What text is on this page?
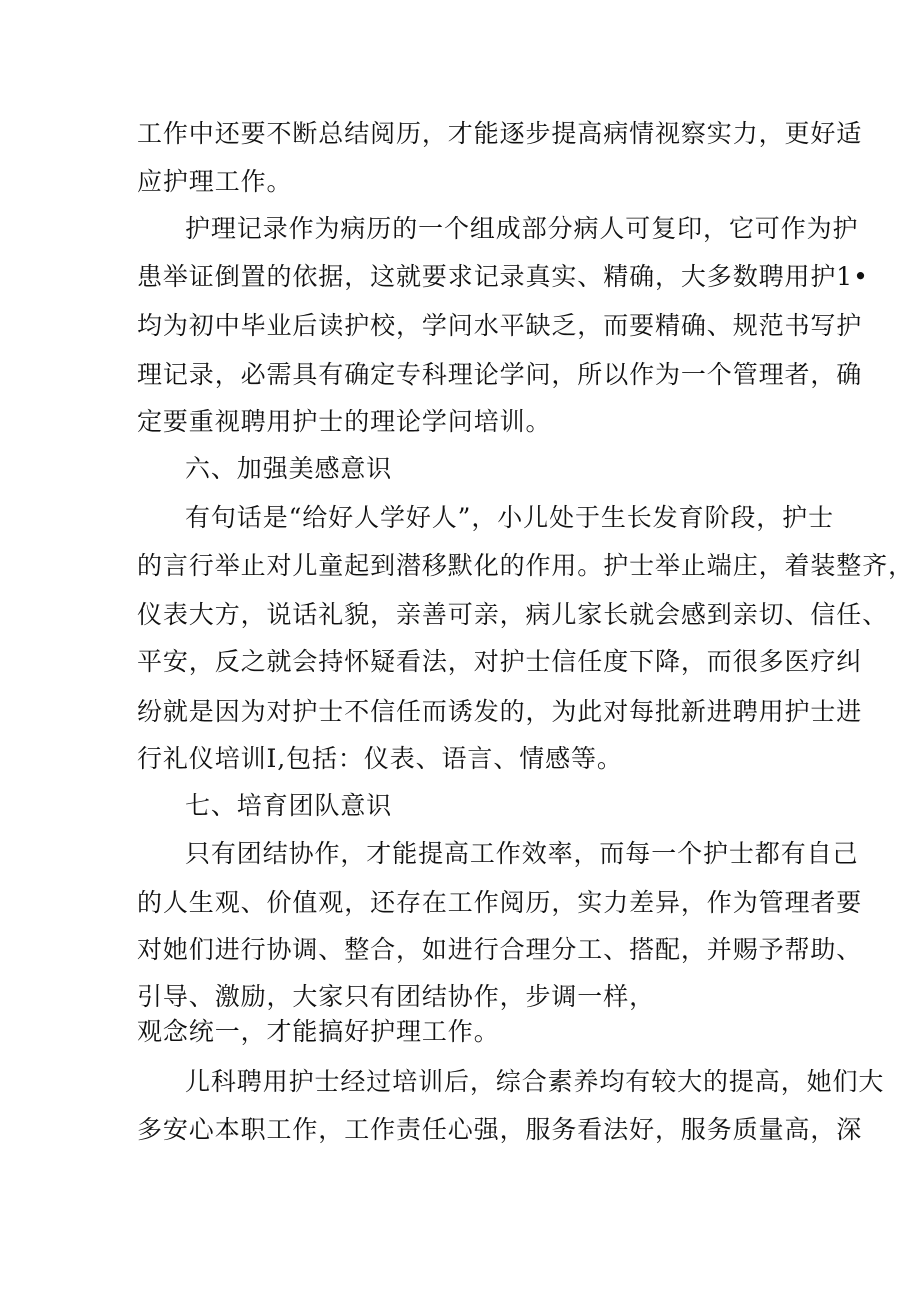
工作中还要不断总结阅历，才能逐步提高病情视察实力，更好适
应护理工作。
护理记录作为病历的一个组成部分病人可复印，它可作为护
患举证倒置的依据，这就要求记录真实、精确，大多数聘用护1•
均为初中毕业后读护校，学问水平缺乏，而要精确、规范书写护
理记录，必需具有确定专科理论学问，所以作为一个管理者，确
定要重视聘用护士的理论学问培训。
六、加强美感意识
有句话是“给好人学好人”，小儿处于生长发育阶段，护士
的言行举止对儿童起到潜移默化的作用。护士举止端庄，着装整齐，
仪表大方，说话礼貌，亲善可亲，病儿家长就会感到亲切、信任、
平安，反之就会持怀疑看法，对护士信任度下降，而很多医疗纠
纷就是因为对护士不信任而诱发的，为此对每批新进聘用护士进
行礼仪培训I,包括：仪表、语言、情感等。
七、培育团队意识
只有团结协作，才能提高工作效率，而每一个护士都有自己
的人生观、价值观，还存在工作阅历，实力差异，作为管理者要
对她们进行协调、整合，如进行合理分工、搭配，并赐予帮助、
引导、激励，大家只有团结协作，步调一样，
观念统一，才能搞好护理工作。
儿科聘用护士经过培训后，综合素养均有较大的提高，她们大
多安心本职工作，工作责任心强，服务看法好，服务质量高，深
